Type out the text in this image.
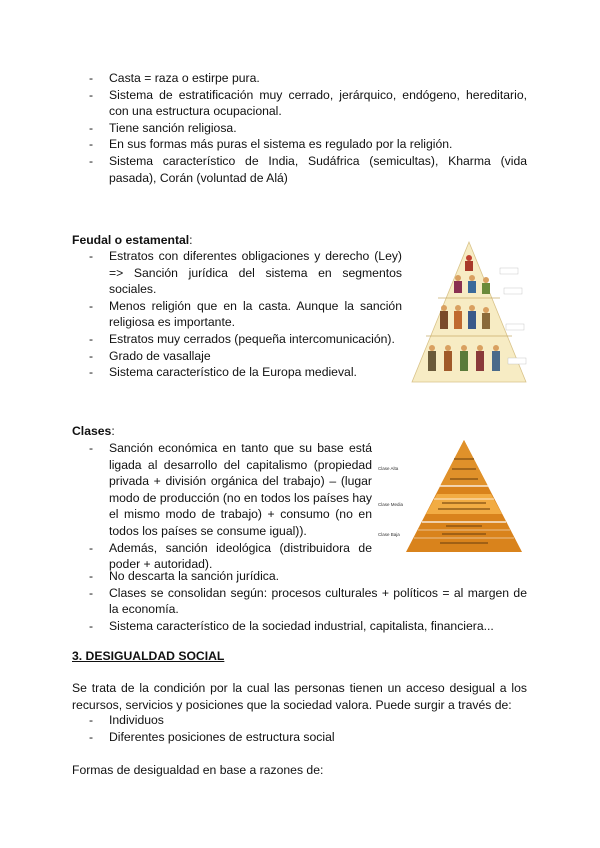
- Casta = raza o estirpe pura.
- Sistema de estratificación muy cerrado, jerárquico, endógeno, hereditario, con una estructura ocupacional.
- Tiene sanción religiosa.
- En sus formas más puras el sistema es regulado por la religión.
- Sistema característico de India, Sudáfrica (semicultas), Kharma (vida pasada), Corán (voluntad de Alá)
Feudal o estamental:
- Estratos con diferentes obligaciones y derecho (Ley) => Sanción jurídica del sistema en segmentos sociales.
- Menos religión que en la casta. Aunque la sanción religiosa es importante.
- Estratos muy cerrados (pequeña intercomunicación).
- Grado de vasallaje
- Sistema característico de la Europa medieval.
Clases:
- Sanción económica en tanto que su base está ligada al desarrollo del capitalismo (propiedad privada + división orgánica del trabajo) – (lugar modo de producción (no en todos los países hay el mismo modo de trabajo) + consumo (no en todos los países se consume igual)).
- Además, sanción ideológica (distribuidora de poder + autoridad).
- No descarta la sanción jurídica.
- Clases se consolidan según: procesos culturales + políticos = al margen de la economía.
- Sistema característico de la sociedad industrial, capitalista, financiera...
Clase Alta
Clase Media
Clase Baja
3. DESIGUALDAD SOCIAL

Se trata de la condición por la cual las personas tienen un acceso desigual a los recursos, servicios y posiciones que la sociedad valora. Puede surgir a través de:

- Individuos
- Diferentes posiciones de estructura social

Formas de desigualdad en base a razones de:
